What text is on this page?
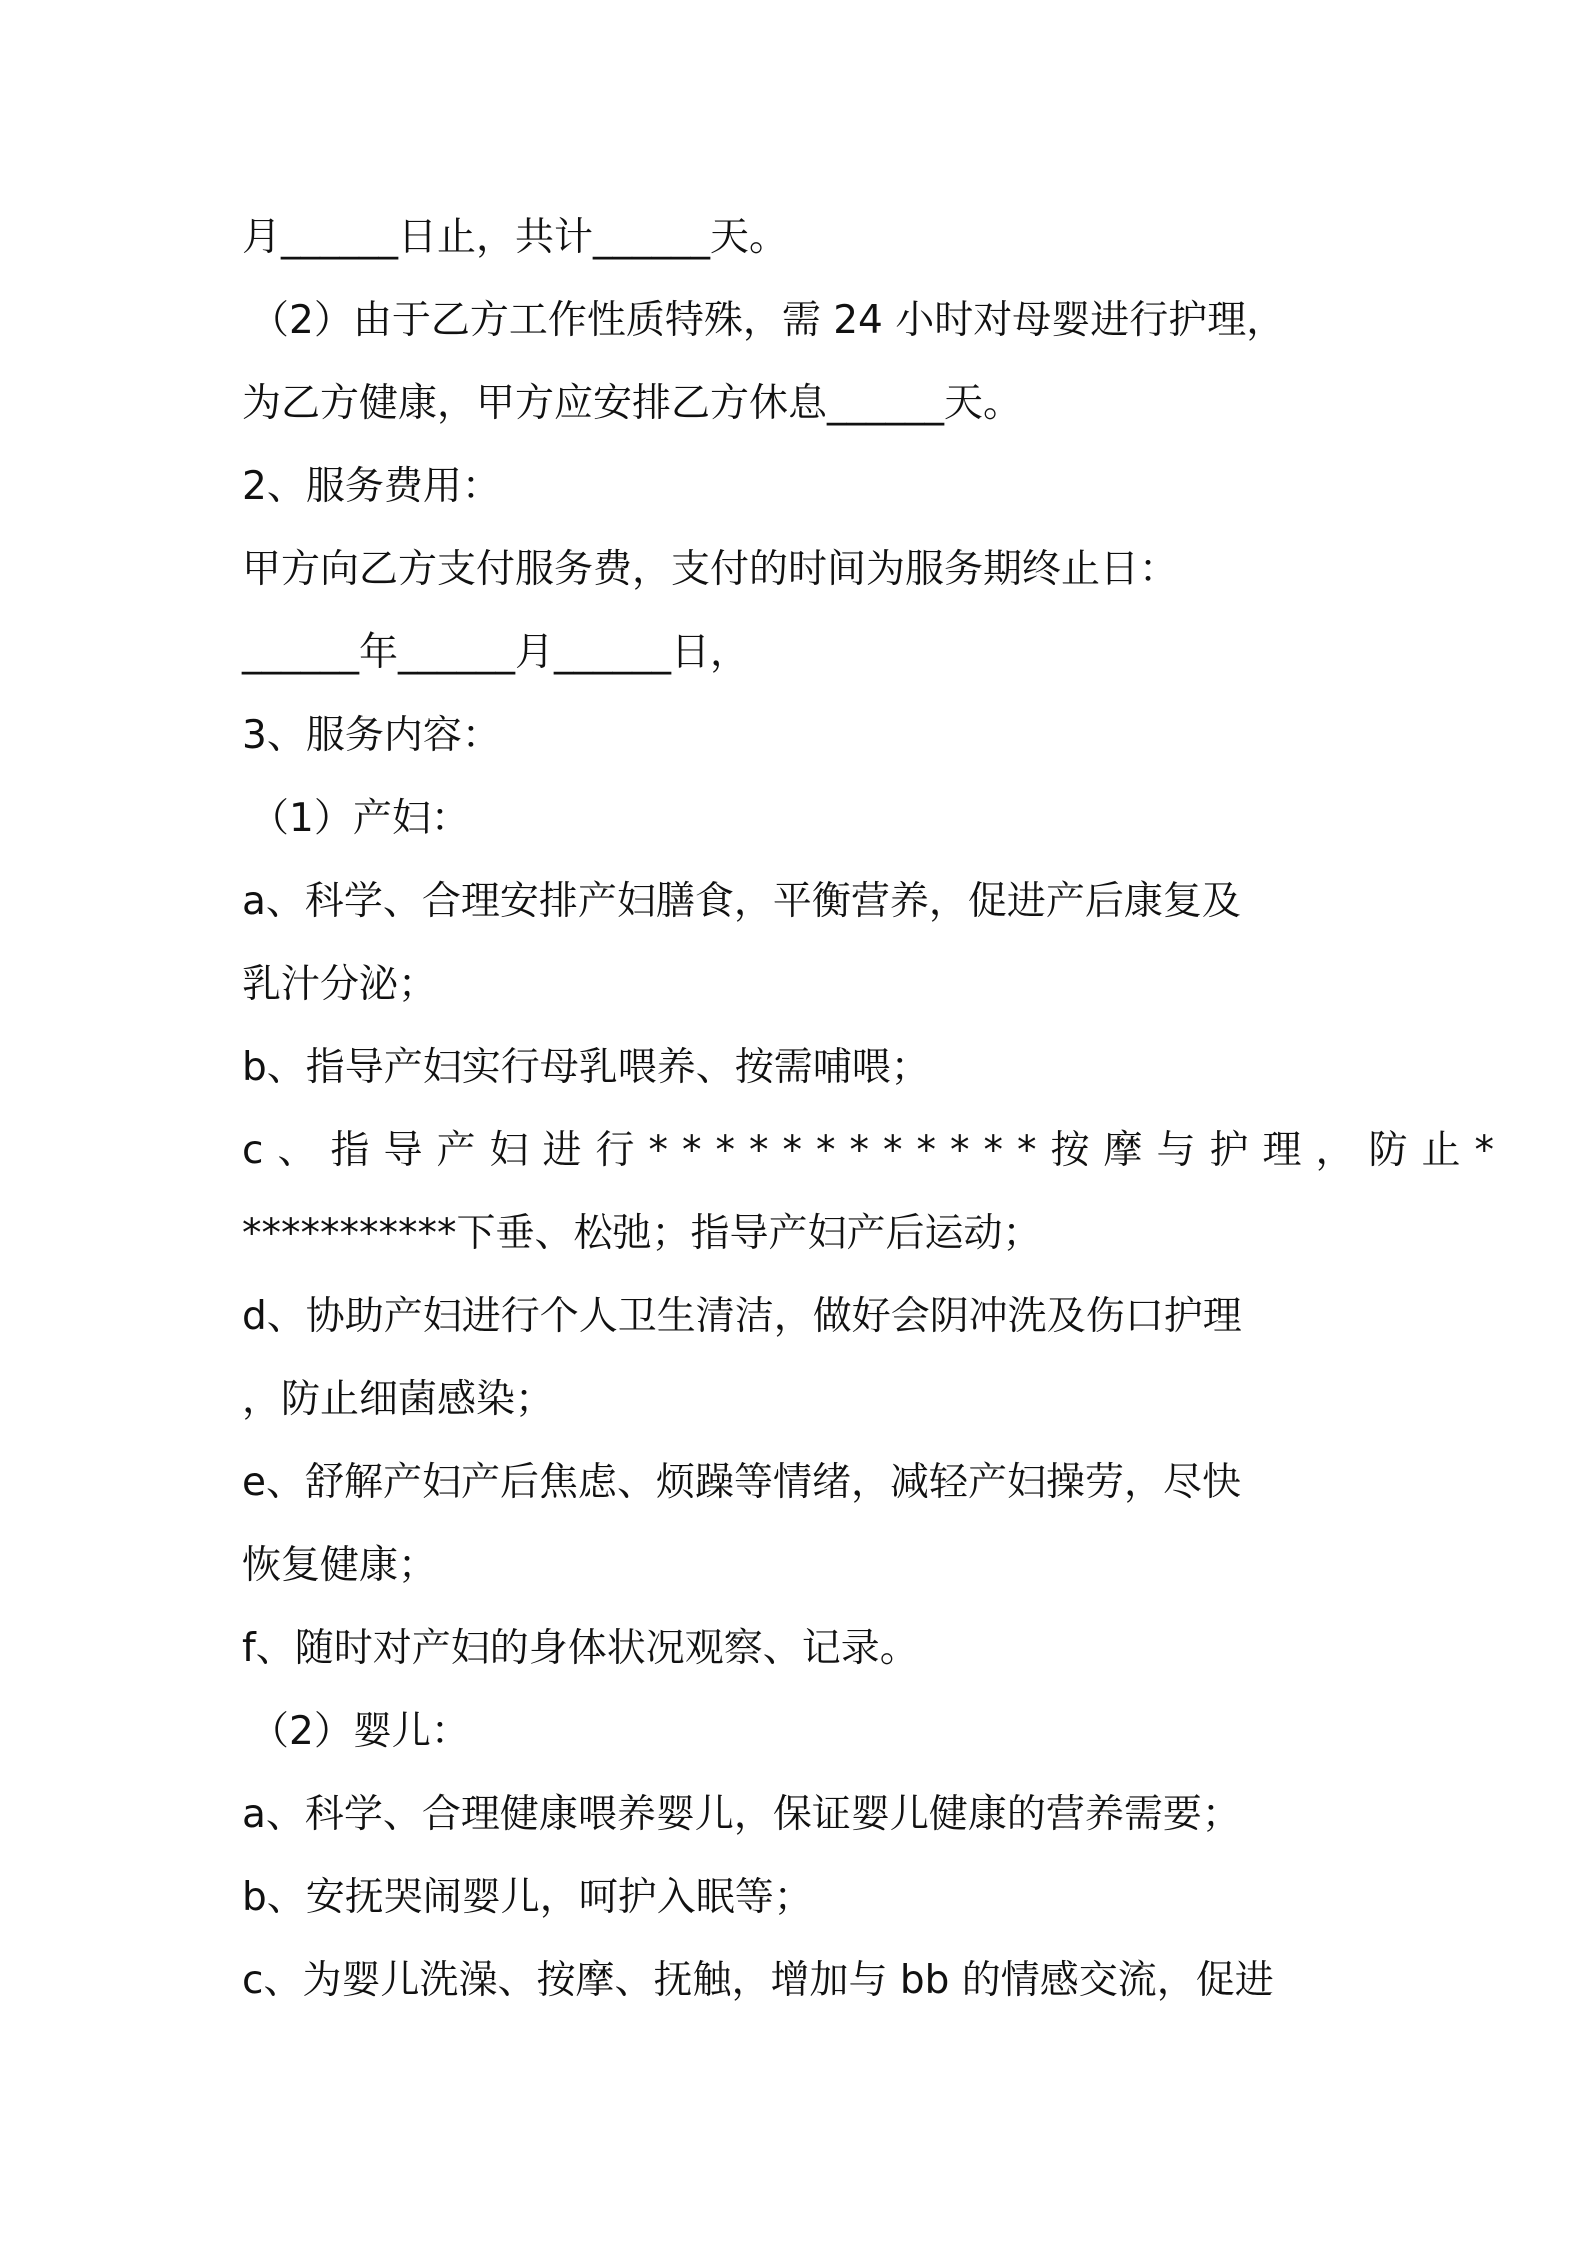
月______日止，共计______天。
（2）由于乙方工作性质特殊，需 24 小时对母婴进行护理，
为乙方健康，甲方应安排乙方休息______天。
2、服务费用：
甲方向乙方支付服务费，支付的时间为服务期终止日：
______年______月______日，
3、服务内容：
（1）产妇：
a、科学、合理安排产妇膳食，平衡营养，促进产后康复及
乳汁分泌；
b、指导产妇实行母乳喂养、按需哺喂；
c、指导产妇进行************按摩与护理，防止*
***********下垂、松弛；指导产妇产后运动；
d、协助产妇进行个人卫生清洁，做好会阴冲洗及伤口护理
，防止细菌感染；
e、舒解产妇产后焦虑、烦躁等情绪，减轻产妇操劳，尽快
恢复健康；
f、随时对产妇的身体状况观察、记录。
（2）婴儿：
a、科学、合理健康喂养婴儿，保证婴儿健康的营养需要；
b、安抚哭闹婴儿，呵护入眠等；
c、为婴儿洗澡、按摩、抚触，增加与 bb 的情感交流，促进
